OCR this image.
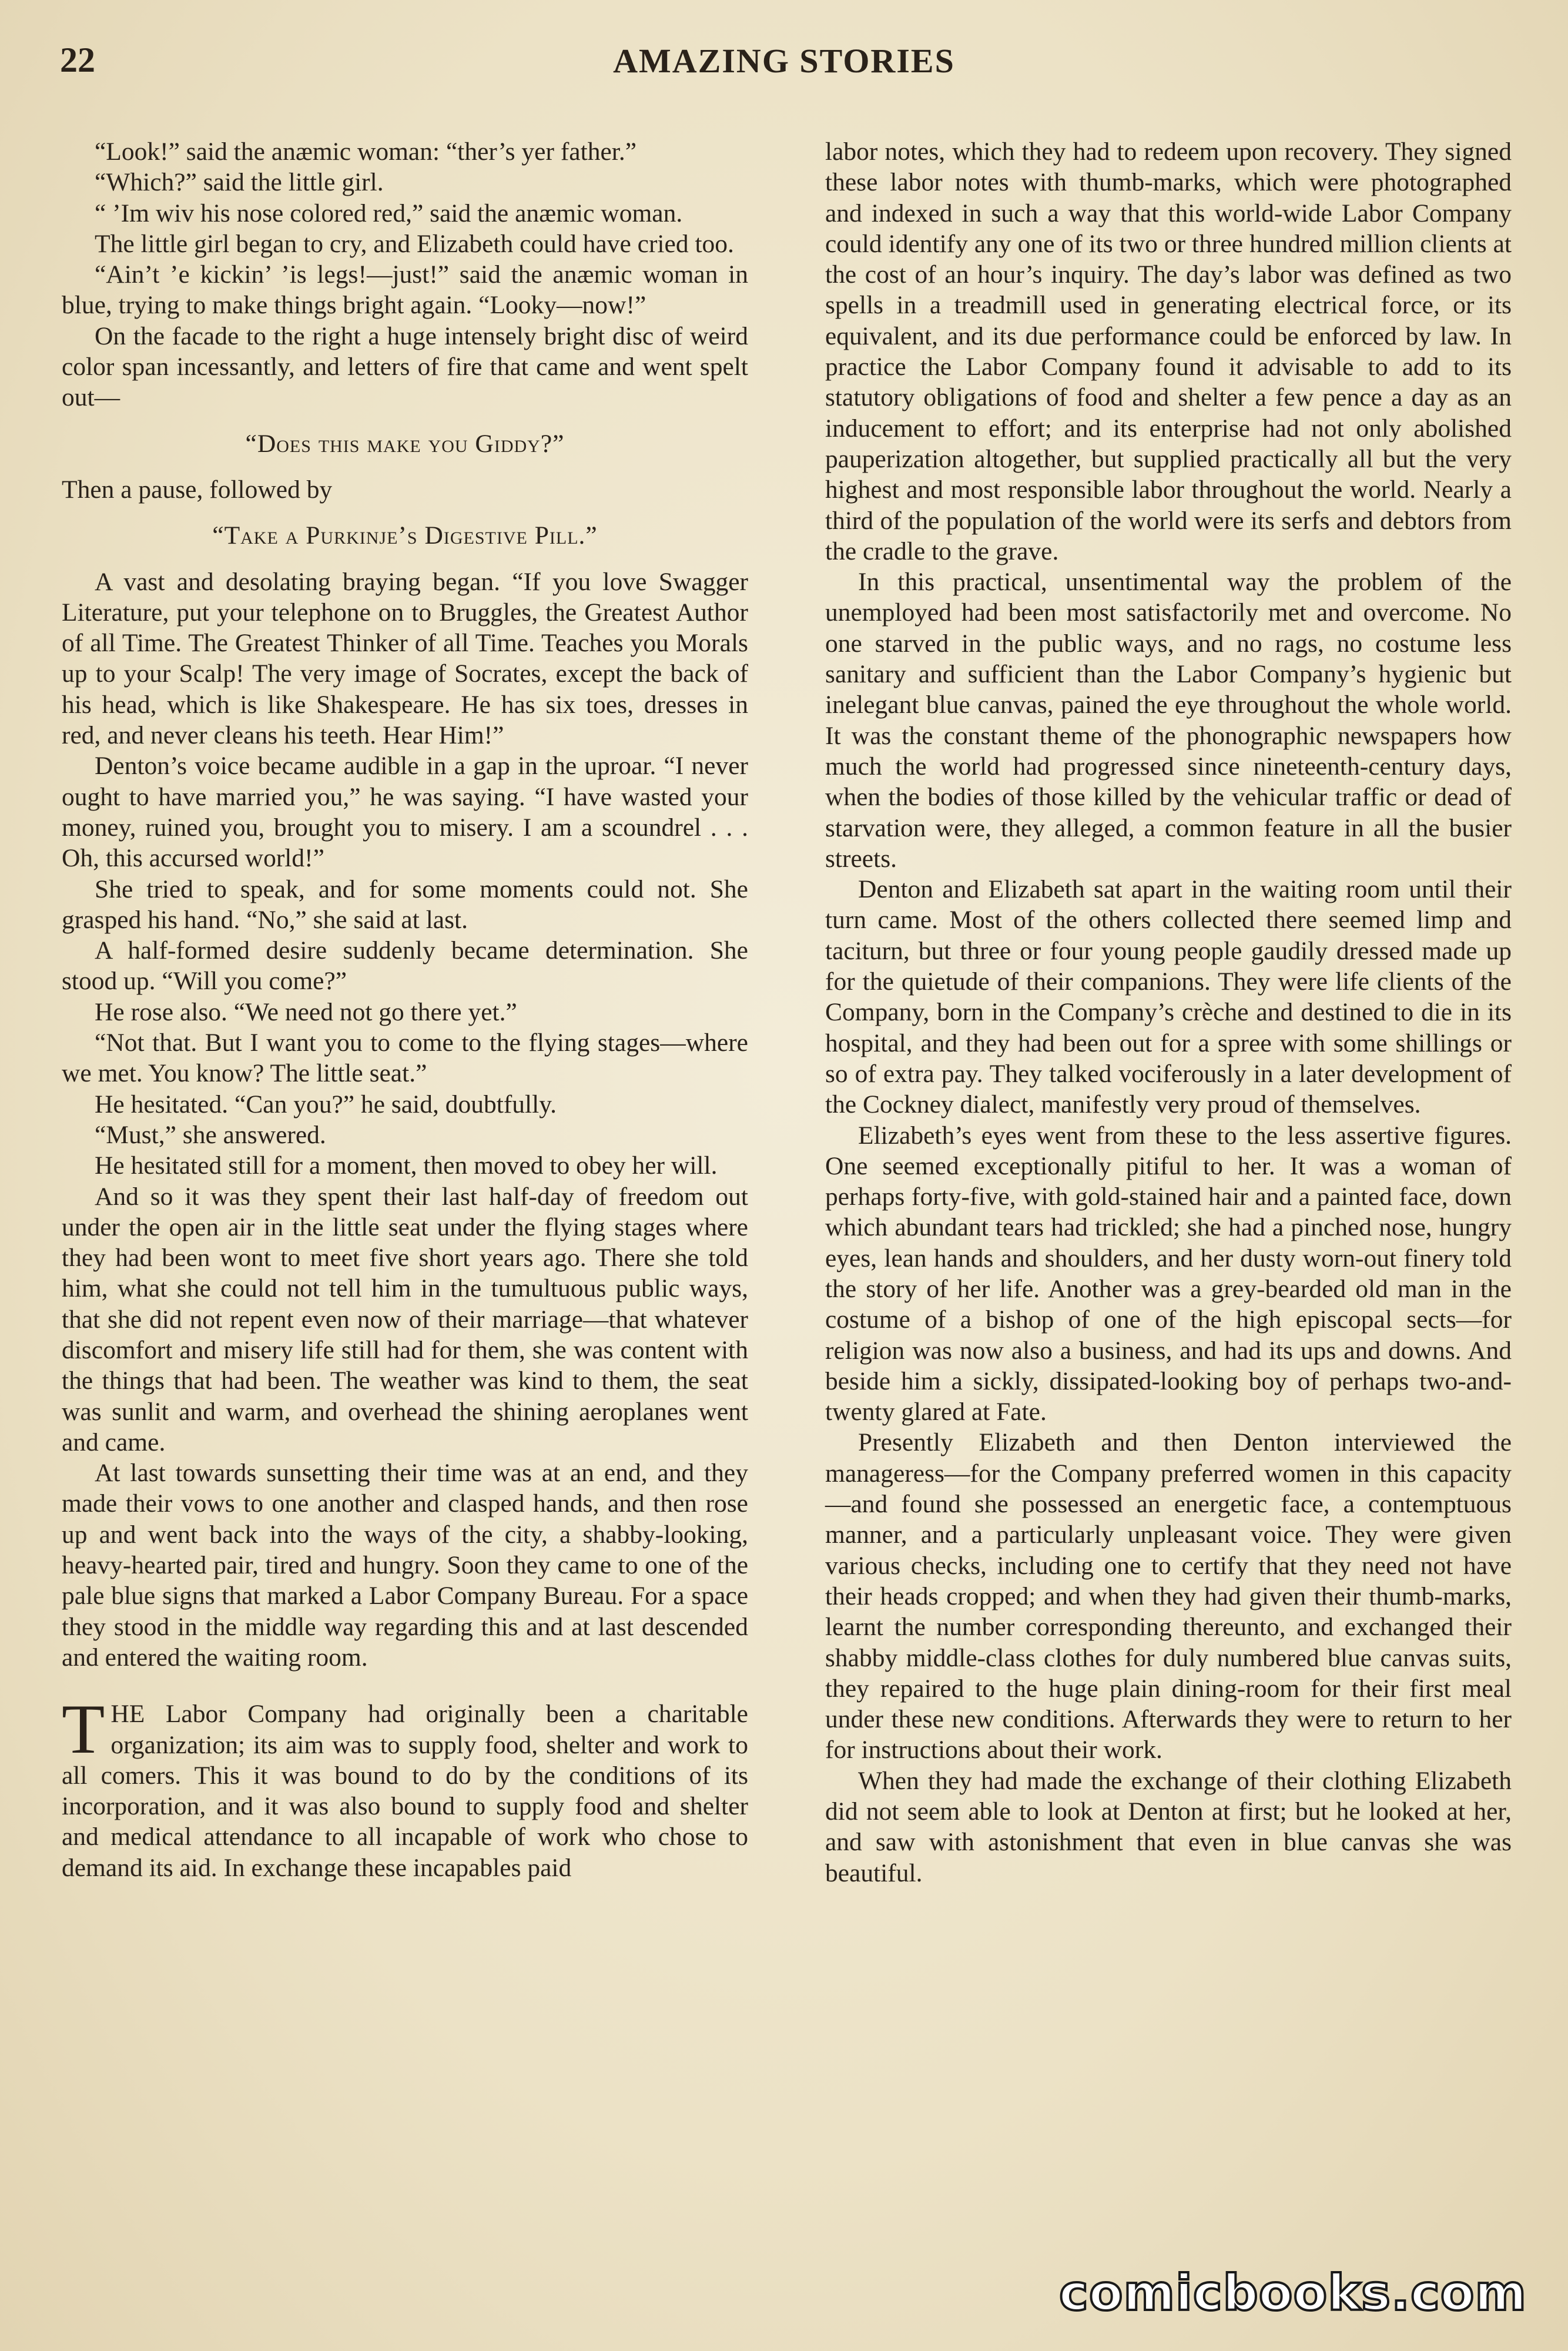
22	AMAZING STORIES

“Look!” said the anæmic woman: “ther’s yer father.”

“Which?” said the little girl.

“ ’Im wiv his nose colored red,” said the anæmic woman.

The little girl began to cry, and Elizabeth could have cried too.

“Ain’t ’e kickin’ ’is legs!—just!” said the anæmic woman in blue, trying to make things bright again. “Looky—now!”

On the facade to the right a huge intensely bright disc of weird color span incessantly, and letters of fire that came and went spelt out—

“Does this make you Giddy?”

Then a pause, followed by

“Take a Purkinje’s Digestive Pill.”

A vast and desolating braying began. “If you love Swagger Literature, put your telephone on to Bruggles, the Greatest Author of all Time. The Greatest Thinker of all Time. Teaches you Morals up to your Scalp! The very image of Socrates, except the back of his head, which is like Shakespeare. He has six toes, dresses in red, and never cleans his teeth. Hear Him!”

Denton’s voice became audible in a gap in the uproar. “I never ought to have married you,” he was saying. “I have wasted your money, ruined you, brought you to misery. I am a scoundrel . . . Oh, this accursed world!”

She tried to speak, and for some moments could not. She grasped his hand. “No,” she said at last.

A half-formed desire suddenly became determination. She stood up. “Will you come?”

He rose also. “We need not go there yet.”

“Not that. But I want you to come to the flying stages—where we met. You know? The little seat.”

He hesitated. “Can you?” he said, doubtfully.

“Must,” she answered.

He hesitated still for a moment, then moved to obey her will.

And so it was they spent their last half-day of freedom out under the open air in the little seat under the flying stages where they had been wont to meet five short years ago. There she told him, what she could not tell him in the tumultuous public ways, that she did not repent even now of their marriage—that whatever discomfort and misery life still had for them, she was content with the things that had been. The weather was kind to them, the seat was sunlit and warm, and overhead the shining aeroplanes went and came.

At last towards sunsetting their time was at an end, and they made their vows to one another and clasped hands, and then rose up and went back into the ways of the city, a shabby-looking, heavy-hearted pair, tired and hungry. Soon they came to one of the pale blue signs that marked a Labor Company Bureau. For a space they stood in the middle way regarding this and at last descended and entered the waiting room.

THE Labor Company had originally been a charitable organization; its aim was to supply food, shelter and work to all comers. This it was bound to do by the conditions of its incorporation, and it was also bound to supply food and shelter and medical attendance to all incapable of work who chose to demand its aid. In exchange these incapables paid

labor notes, which they had to redeem upon recovery. They signed these labor notes with thumb-marks, which were photographed and indexed in such a way that this world-wide Labor Company could identify any one of its two or three hundred million clients at the cost of an hour’s inquiry. The day’s labor was defined as two spells in a treadmill used in generating electrical force, or its equivalent, and its due performance could be enforced by law. In practice the Labor Company found it advisable to add to its statutory obligations of food and shelter a few pence a day as an inducement to effort; and its enterprise had not only abolished pauperization altogether, but supplied practically all but the very highest and most responsible labor throughout the world. Nearly a third of the population of the world were its serfs and debtors from the cradle to the grave.

In this practical, unsentimental way the problem of the unemployed had been most satisfactorily met and overcome. No one starved in the public ways, and no rags, no costume less sanitary and sufficient than the Labor Company’s hygienic but inelegant blue canvas, pained the eye throughout the whole world. It was the constant theme of the phonographic newspapers how much the world had progressed since nineteenth-century days, when the bodies of those killed by the vehicular traffic or dead of starvation were, they alleged, a common feature in all the busier streets.

Denton and Elizabeth sat apart in the waiting room until their turn came. Most of the others collected there seemed limp and taciturn, but three or four young people gaudily dressed made up for the quietude of their companions. They were life clients of the Company, born in the Company’s crèche and destined to die in its hospital, and they had been out for a spree with some shillings or so of extra pay. They talked vociferously in a later development of the Cockney dialect, manifestly very proud of themselves.

Elizabeth’s eyes went from these to the less assertive figures. One seemed exceptionally pitiful to her. It was a woman of perhaps forty-five, with gold-stained hair and a painted face, down which abundant tears had trickled; she had a pinched nose, hungry eyes, lean hands and shoulders, and her dusty worn-out finery told the story of her life. Another was a grey-bearded old man in the costume of a bishop of one of the high episcopal sects—for religion was now also a business, and had its ups and downs. And beside him a sickly, dissipated-looking boy of perhaps two-and-twenty glared at Fate.

Presently Elizabeth and then Denton interviewed the manageress—for the Company preferred women in this capacity—and found she possessed an energetic face, a contemptuous manner, and a particularly unpleasant voice. They were given various checks, including one to certify that they need not have their heads cropped; and when they had given their thumb-marks, learnt the number corresponding thereunto, and exchanged their shabby middle-class clothes for duly numbered blue canvas suits, they repaired to the huge plain dining-room for their first meal under these new conditions. Afterwards they were to return to her for instructions about their work.

When they had made the exchange of their clothing Elizabeth did not seem able to look at Denton at first; but he looked at her, and saw with astonishment that even in blue canvas she was beautiful.

comicbooks.com
